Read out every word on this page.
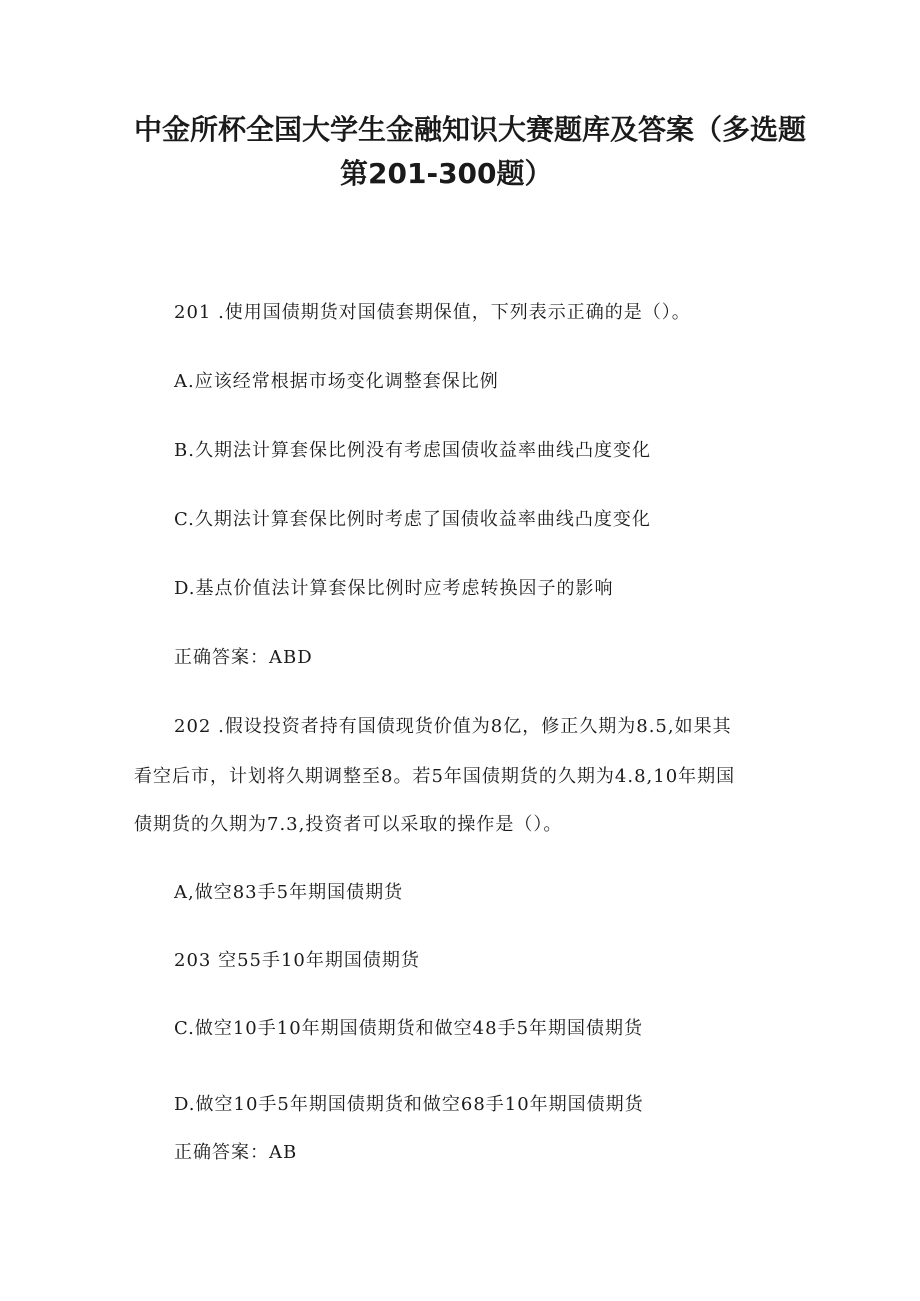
中金所杯全国大学生金融知识大赛题库及答案（多选题
第201-300题）
201 .使用国债期货对国债套期保值，下列表示正确的是（）。
A.应该经常根据市场变化调整套保比例
B.久期法计算套保比例没有考虑国债收益率曲线凸度变化
C.久期法计算套保比例时考虑了国债收益率曲线凸度变化
D.基点价值法计算套保比例时应考虑转换因子的影响
正确答案：ABD
202 .假设投资者持有国债现货价值为8亿，修正久期为8.5,如果其
看空后市，计划将久期调整至8。若5年国债期货的久期为4.8,10年期国
债期货的久期为7.3,投资者可以采取的操作是（）。
A,做空83手5年期国债期货
203 空55手10年期国债期货
C.做空10手10年期国债期货和做空48手5年期国债期货
D.做空10手5年期国债期货和做空68手10年期国债期货
正确答案：AB
